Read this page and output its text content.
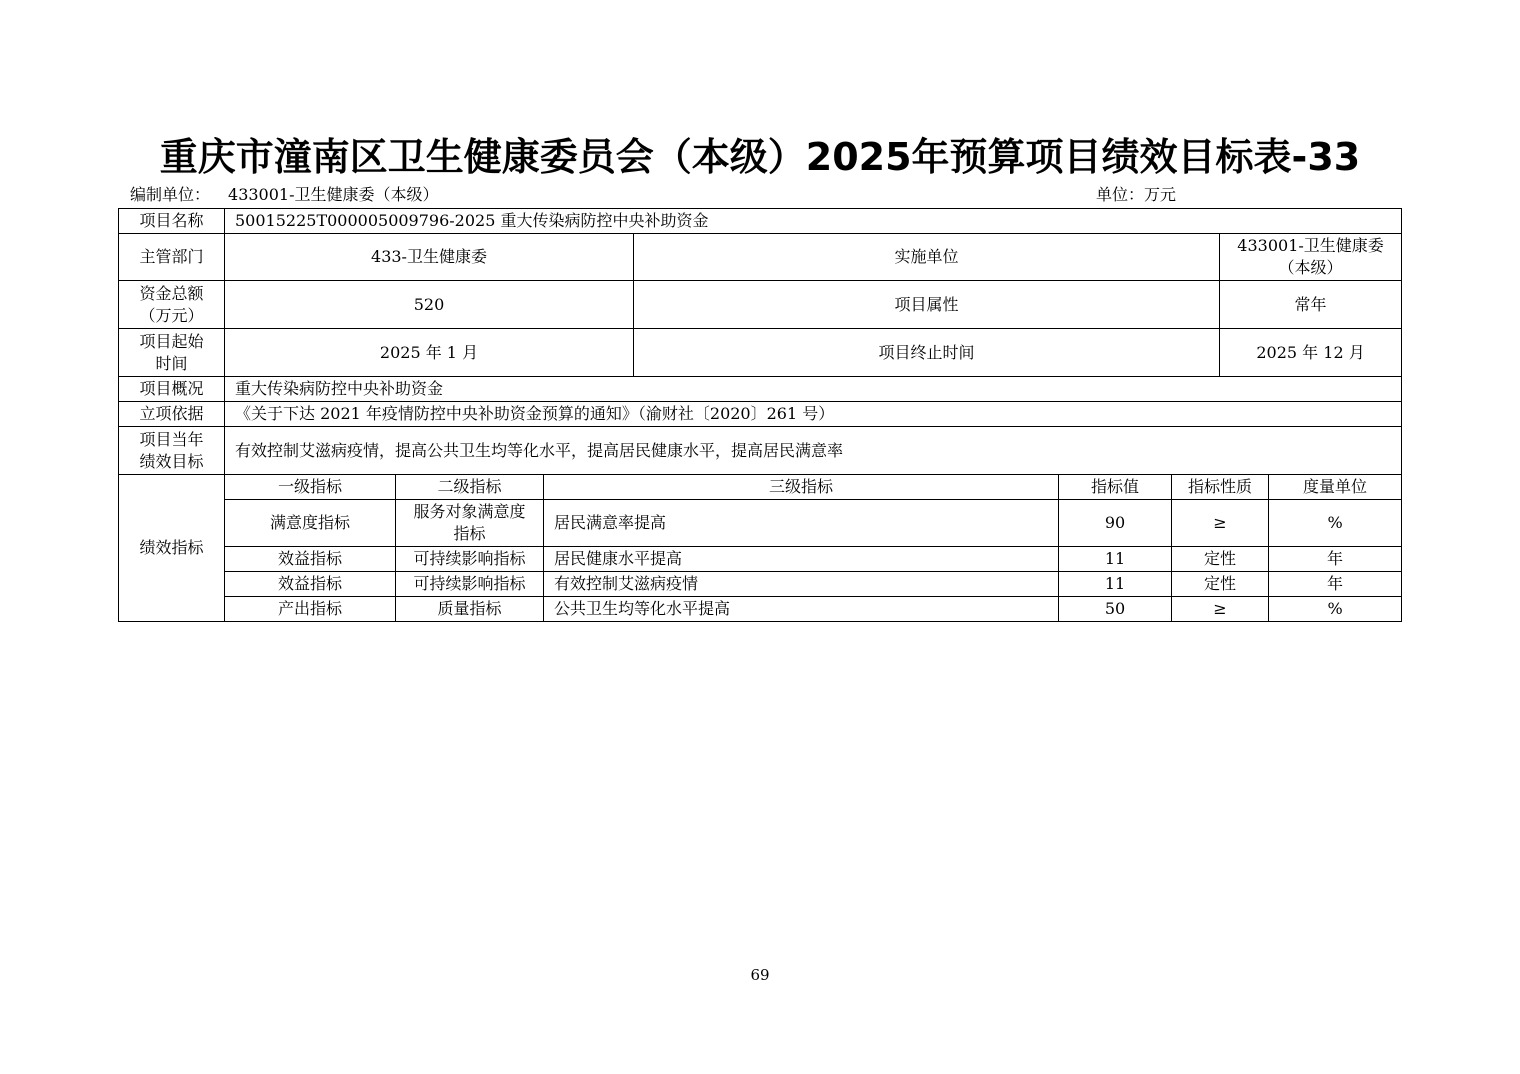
重庆市潼南区卫生健康委员会（本级）2025年预算项目绩效目标表-33
编制单位： 433001-卫生健康委（本级）	单位：万元
项目名称	50015225T000005009796-2025 重大传染病防控中央补助资金							
主管部门	433-卫生健康委			实施单位			433001-卫生健康委
（本级）	

资金总额
（万元）	520			项目属性			常年	

项目起始
时间	2025 年 1 月			项目终止时间			2025 年 12 月	
项目概况	重大传染病防控中央补助资金							
立项依据	《关于下达 2021 年疫情防控中央补助资金预算的通知》（渝财社〔2020〕261 号）							

项目当年
绩效目标	有效控制艾滋病疫情，提高公共卫生均等化水平，提高居民健康水平，提高居民满意率							
绩效指标	一级指标	二级指标	三级指标		指标值	指标性质		度量单位
	满意度指标	服务对象满意度
指标	居民满意率提高		90	≥		%
	效益指标	可持续影响指标	居民健康水平提高		11	定性		年
	效益指标	可持续影响指标	有效控制艾滋病疫情		11	定性		年
	产出指标	质量指标	公共卫生均等化水平提高		50	≥		%
69
